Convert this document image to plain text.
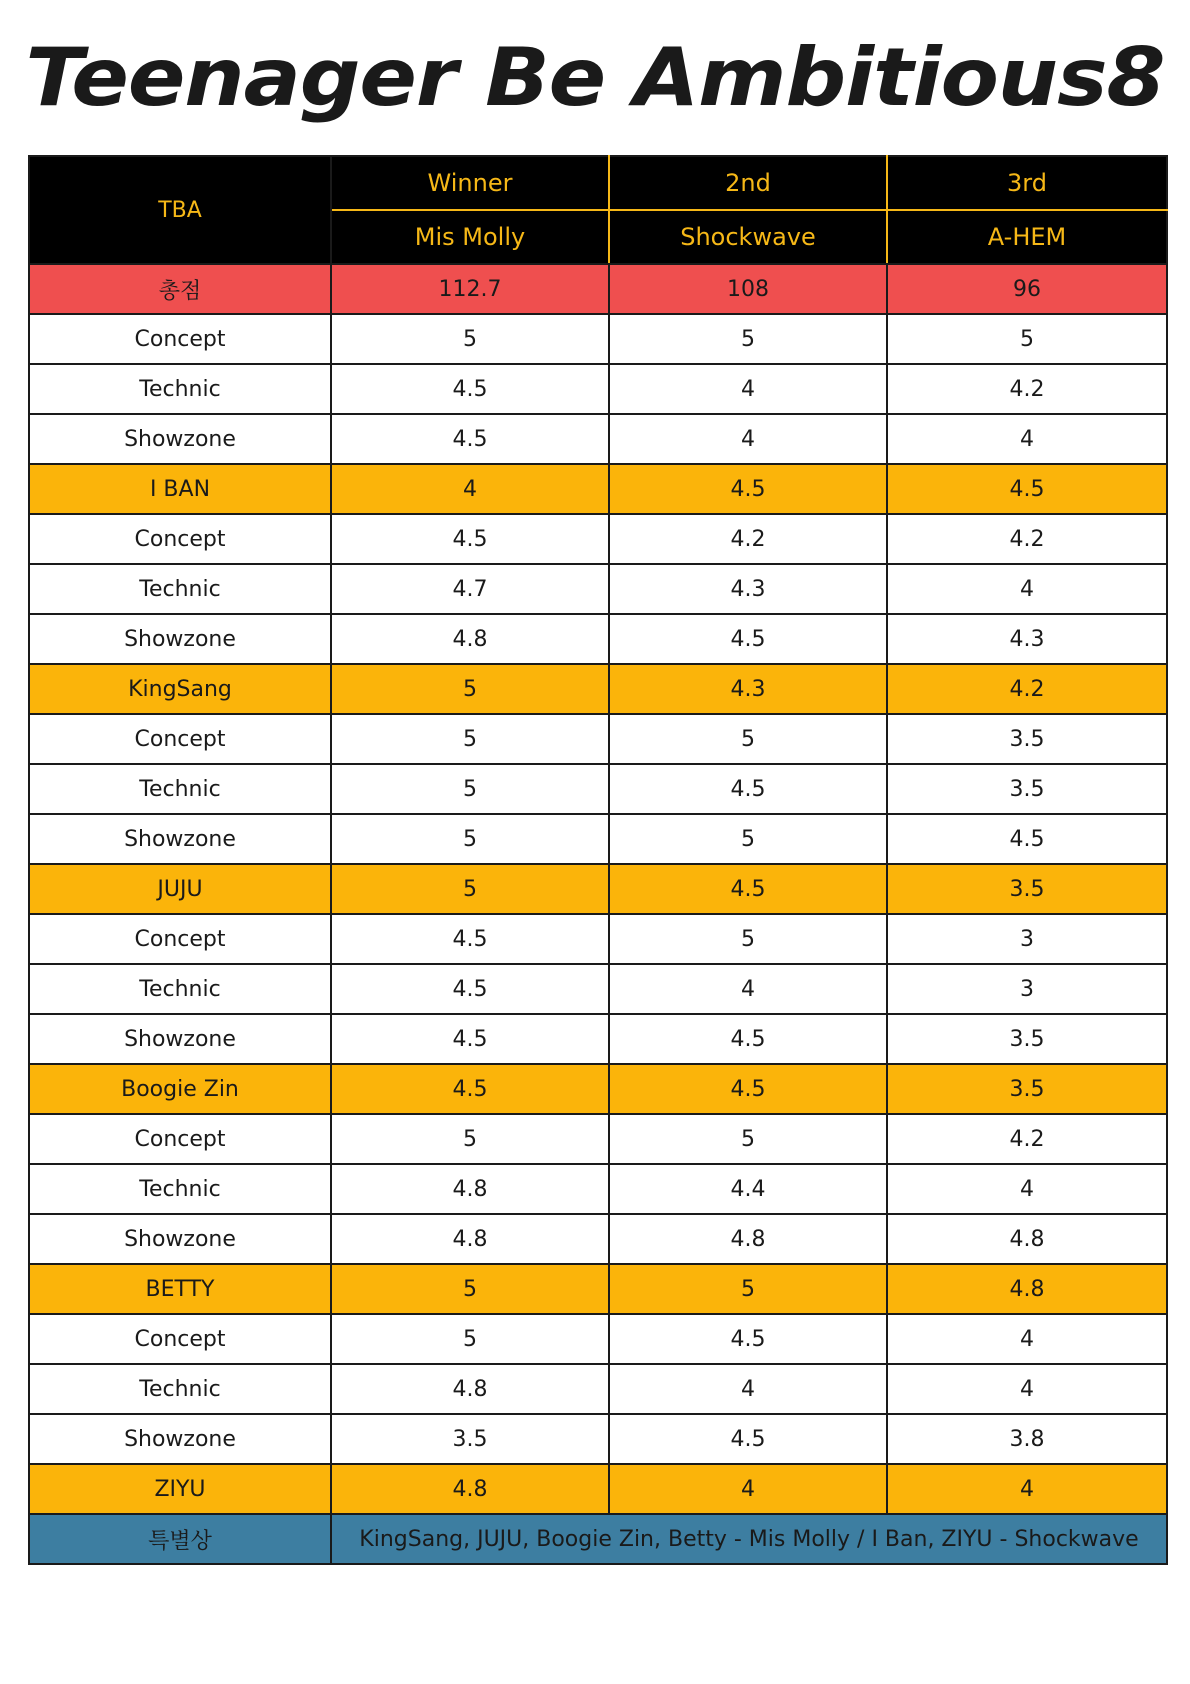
Teenager Be Ambitious8
TBA	Winner	2nd	3rd
	Mis Molly	Shockwave	A-HEM
총점	112.7	108	96
Concept	5	5	5
Technic	4.5	4	4.2
Showzone	4.5	4	4
I BAN	4	4.5	4.5
Concept	4.5	4.2	4.2
Technic	4.7	4.3	4
Showzone	4.8	4.5	4.3
KingSang	5	4.3	4.2
Concept	5	5	3.5
Technic	5	4.5	3.5
Showzone	5	5	4.5
JUJU	5	4.5	3.5
Concept	4.5	5	3
Technic	4.5	4	3
Showzone	4.5	4.5	3.5
Boogie Zin	4.5	4.5	3.5
Concept	5	5	4.2
Technic	4.8	4.4	4
Showzone	4.8	4.8	4.8
BETTY	5	5	4.8
Concept	5	4.5	4
Technic	4.8	4	4
Showzone	3.5	4.5	3.8
ZIYU	4.8	4	4
특별상	KingSang, JUJU, Boogie Zin, Betty - Mis Molly / I Ban, ZIYU - Shockwave		
